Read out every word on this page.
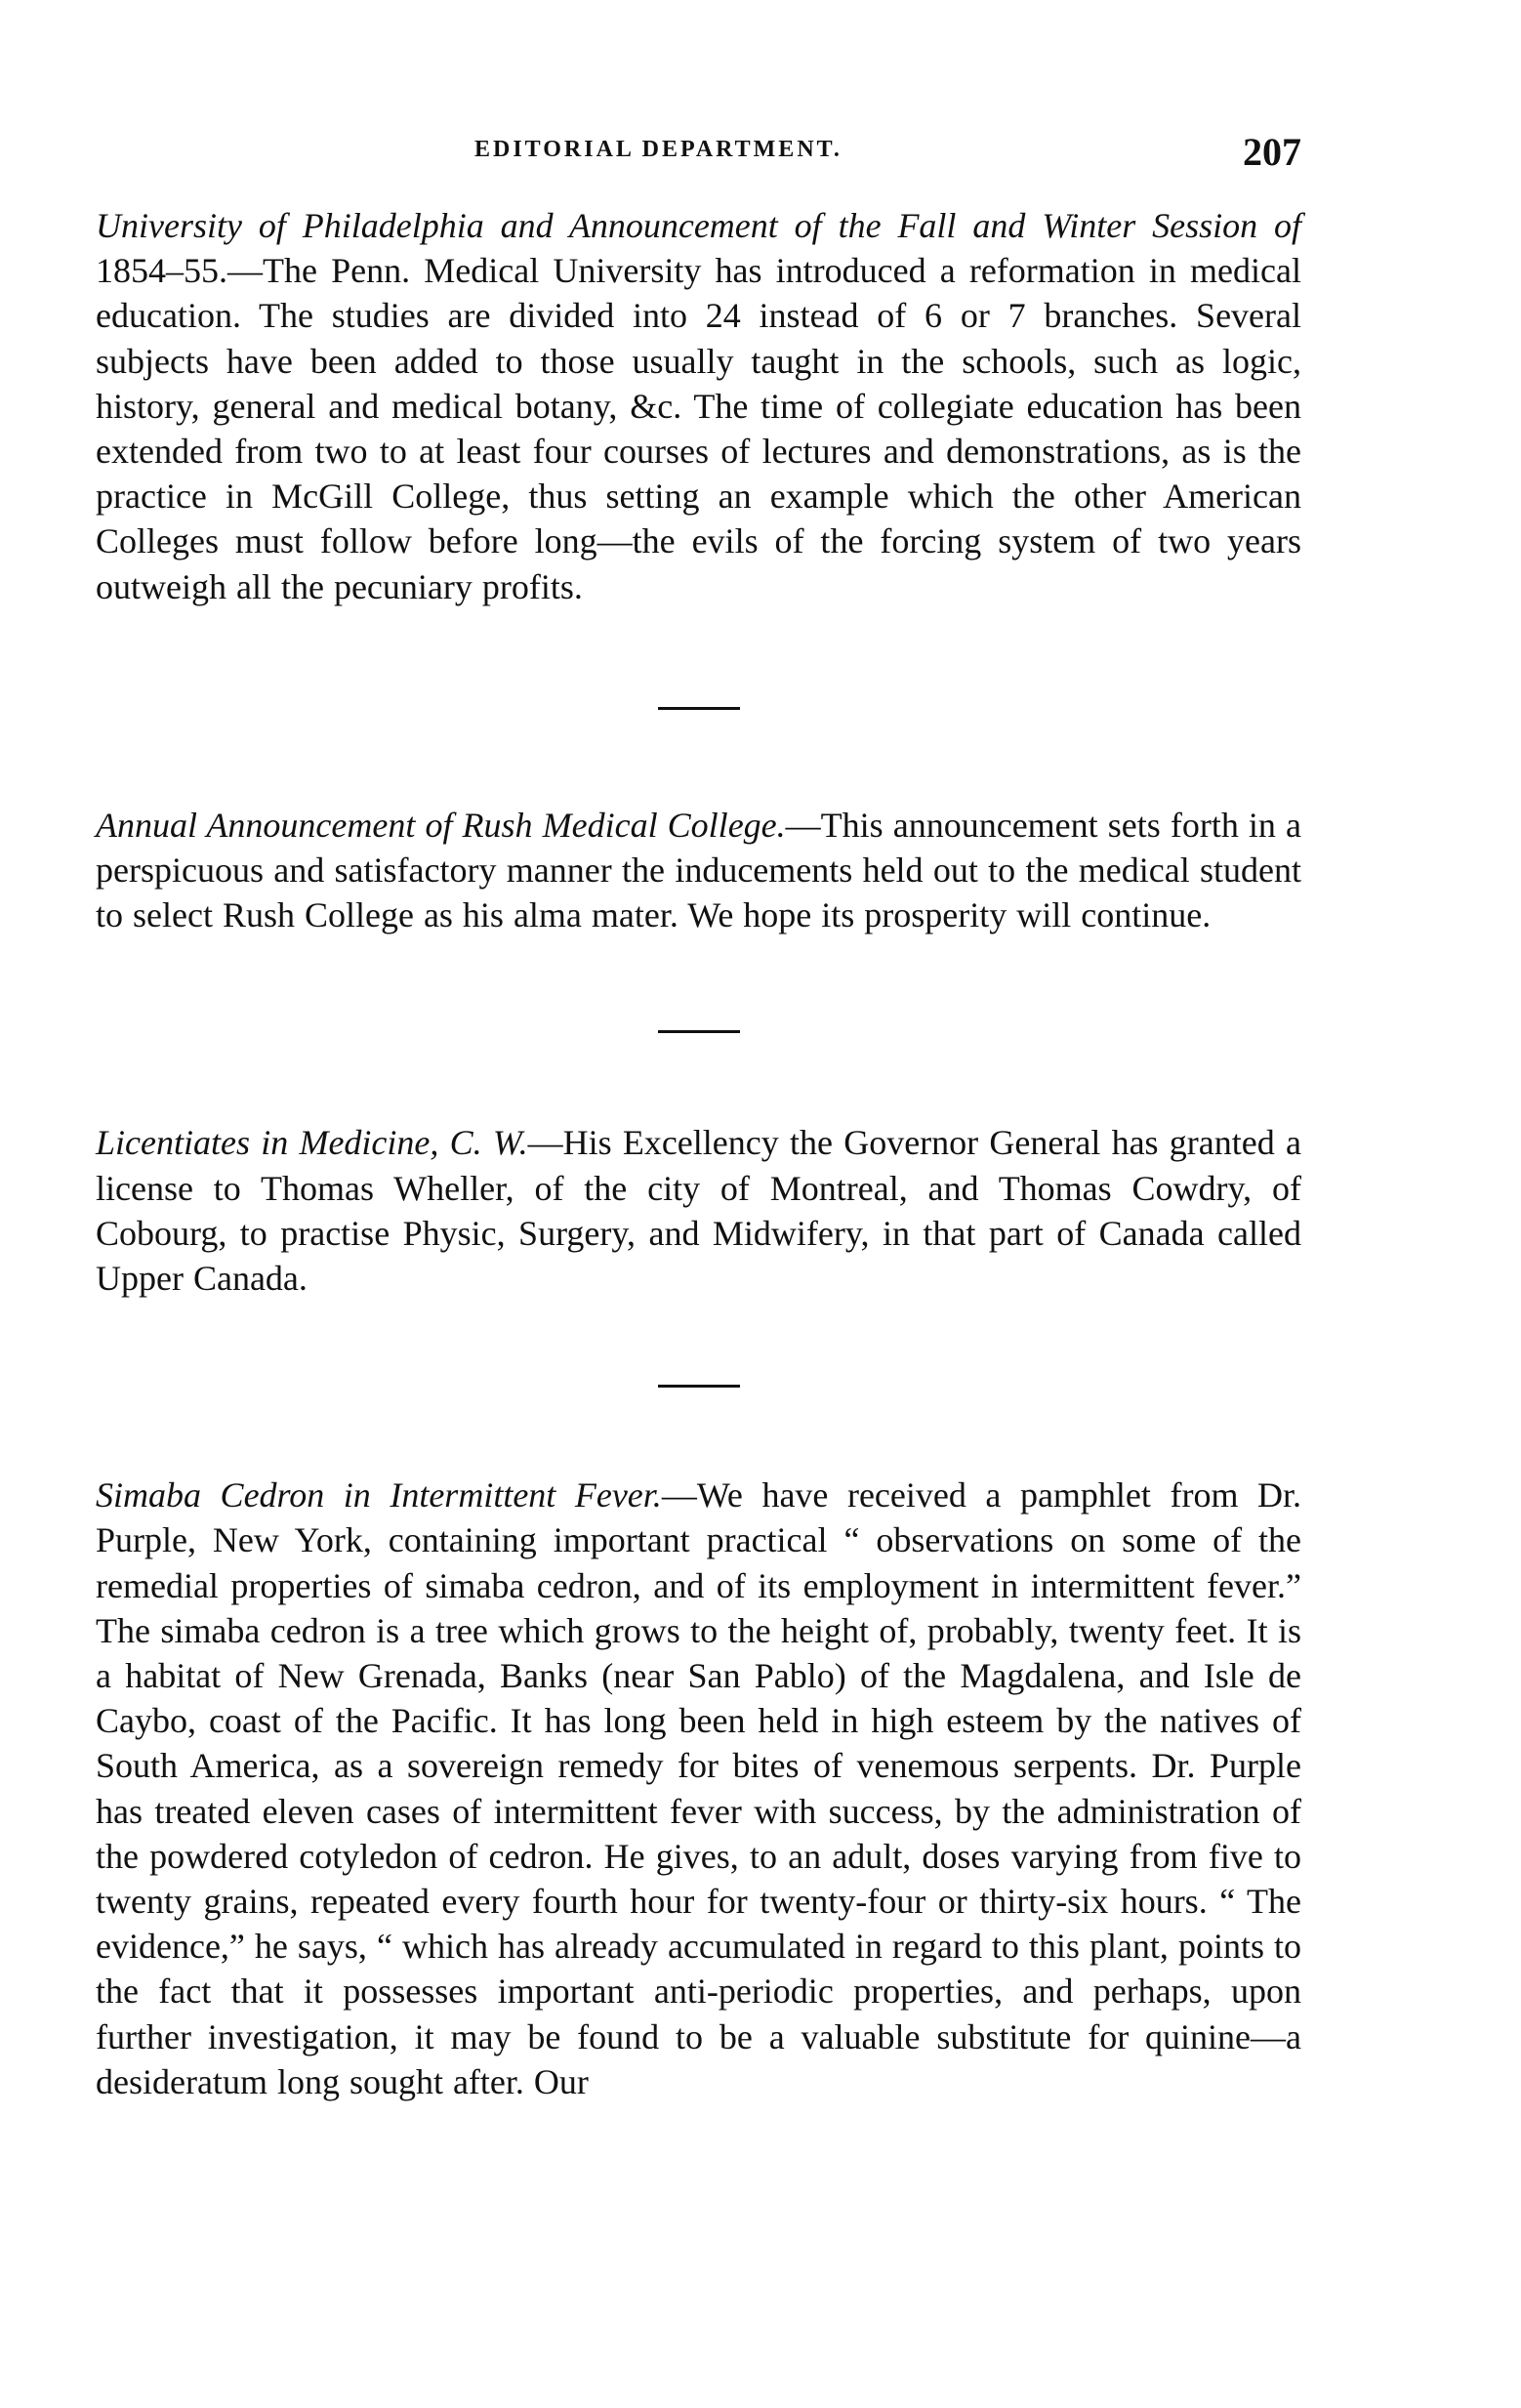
EDITORIAL DEPARTMENT.	207

University of Philadelphia and Announcement of the Fall and Winter Session of 1854–55.—The Penn. Medical University has introduced a reformation in medical education. The studies are divided into 24 instead of 6 or 7 branches. Several subjects have been added to those usually taught in the schools, such as logic, history, general and medical botany, &c. The time of collegiate education has been extended from two to at least four courses of lectures and demonstrations, as is the practice in McGill College, thus setting an example which the other American Colleges must follow before long—the evils of the forcing system of two years outweigh all the pecuniary profits.

Annual Announcement of Rush Medical College.—This announcement sets forth in a perspicuous and satisfactory manner the inducements held out to the medical student to select Rush College as his alma mater. We hope its prosperity will continue.

Licentiates in Medicine, C. W.—His Excellency the Governor General has granted a license to Thomas Wheller, of the city of Montreal, and Thomas Cowdry, of Cobourg, to practise Physic, Surgery, and Midwifery, in that part of Canada called Upper Canada.

Simaba Cedron in Intermittent Fever.—We have received a pamphlet from Dr. Purple, New York, containing important practical “ observations on some of the remedial properties of simaba cedron, and of its employment in intermittent fever.” The simaba cedron is a tree which grows to the height of, probably, twenty feet. It is a habitat of New Grenada, Banks (near San Pablo) of the Magdalena, and Isle de Caybo, coast of the Pacific. It has long been held in high esteem by the natives of South America, as a sovereign remedy for bites of venemous serpents. Dr. Purple has treated eleven cases of intermittent fever with success, by the administration of the powdered cotyledon of cedron. He gives, to an adult, doses varying from five to twenty grains, repeated every fourth hour for twenty-four or thirty-six hours. “ The evidence,” he says, “ which has already accumulated in regard to this plant, points to the fact that it possesses important anti-periodic properties, and perhaps, upon further investigation, it may be found to be a valuable substitute for quinine—a desideratum long sought after. Our
